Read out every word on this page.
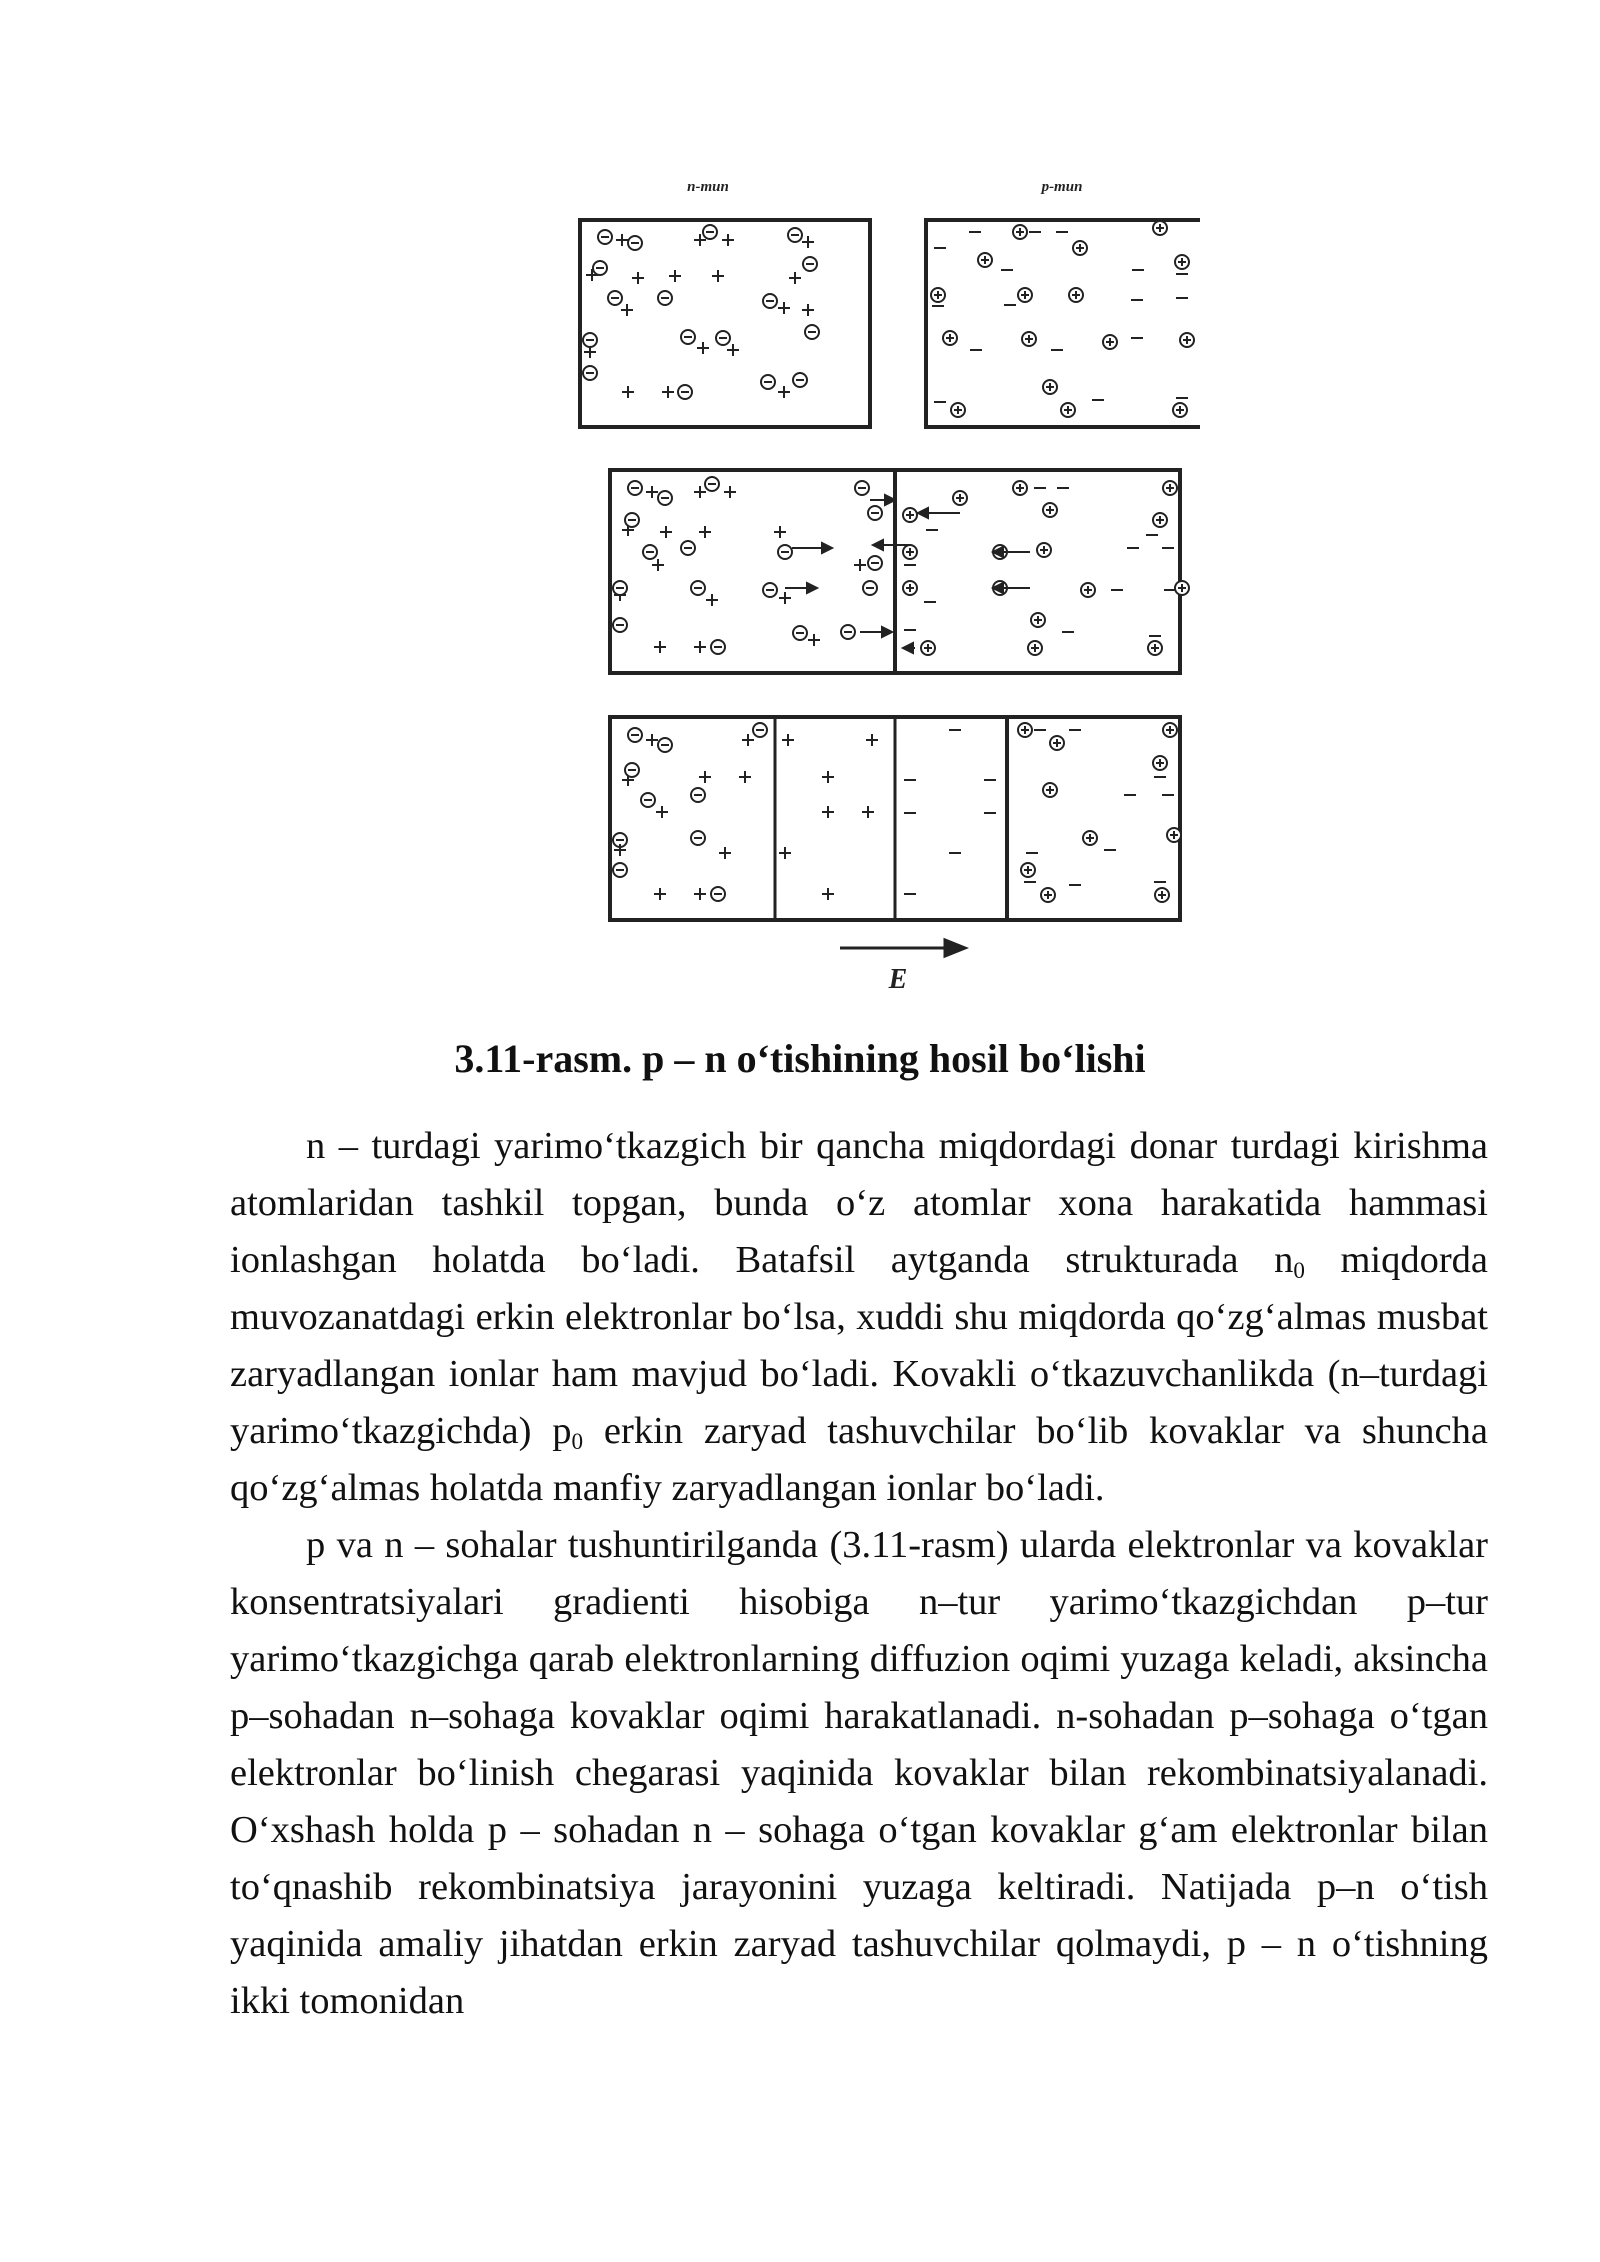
n-тип	p-тип
E
3.11-rasm. p – n o‘tishining hosil bo‘lishi

n – turdagi yarimo‘tkazgich bir qancha miqdordagi donar turdagi kirishma atomlaridan tashkil topgan, bunda o‘z atomlar xona harakatida hammasi ionlashgan holatda bo‘ladi. Batafsil aytganda strukturada $n_0$ miqdorda muvozanatdagi erkin elektronlar bo‘lsa, xuddi shu miqdorda qo‘zg‘almas musbat zaryadlangan ionlar ham mavjud bo‘ladi. Kovakli o‘tkazuvchanlikda (n–turdagi yarimo‘tkazgichda) $p_0$ erkin zaryad tashuvchilar bo‘lib kovaklar va shuncha qo‘zg‘almas holatda manfiy zaryadlangan ionlar bo‘ladi.

p va n – sohalar tushuntirilganda (3.11-rasm) ularda elektronlar va kovaklar konsentratsiyalari gradienti hisobiga n–tur yarimo‘tkazgichdan p–tur yarimo‘tkazgichga qarab elektronlarning diffuzion oqimi yuzaga keladi, aksincha p–sohadan n–sohaga kovaklar oqimi harakatlanadi. n-sohadan p–sohaga o‘tgan elektronlar bo‘linish chegarasi yaqinida kovaklar bilan rekombinatsiyalanadi. O‘xshash holda p – sohadan n – sohaga o‘tgan kovaklar g‘am elektronlar bilan to‘qnashib rekombinatsiya jarayonini yuzaga keltiradi. Natijada p–n o‘tish yaqinida amaliy jihatdan erkin zaryad tashuvchilar qolmaydi, p – n o‘tishning ikki tomonidan
